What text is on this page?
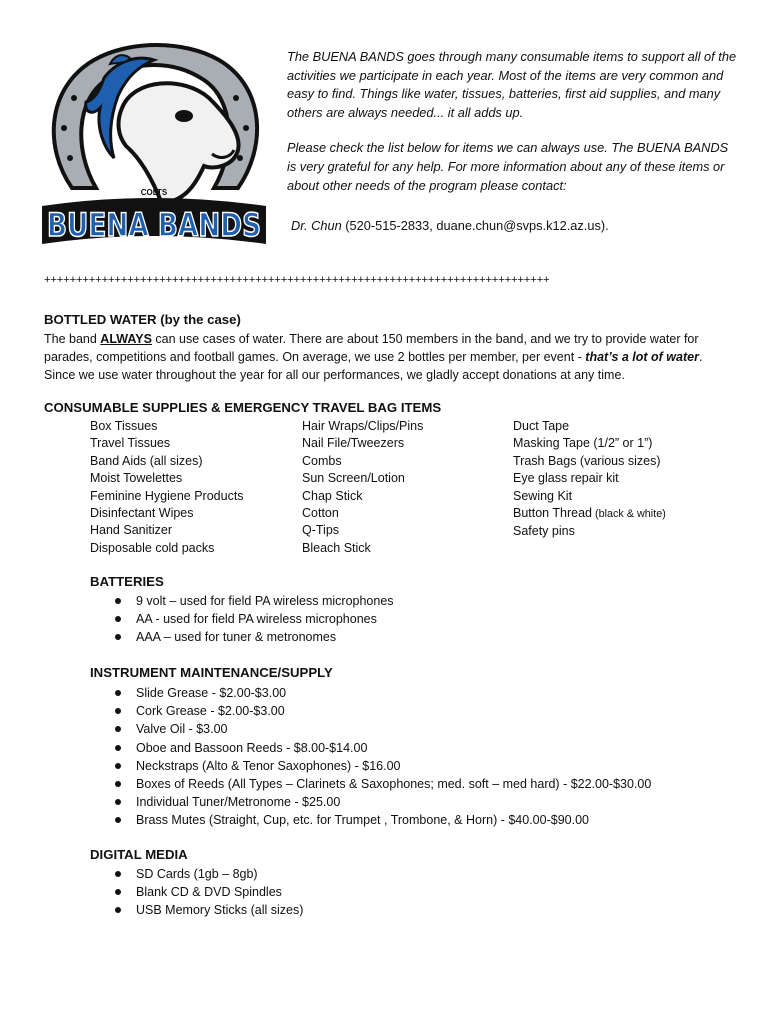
COLTS
BUENA BANDS

The BUENA BANDS goes through many consumable items to support all of the activities we participate in each year. Most of the items are very common and easy to find. Things like water, tissues, batteries, first aid supplies, and many others are always needed... it all adds up.

Please check the list below for items we can always use. The BUENA BANDS is very grateful for any help. For more information about any of these items or about other needs of the program please contact:

Dr. Chun (520-515-2833, duane.chun@svps.k12.az.us).
+++++++++++++++++++++++++++++++++++++++++++++++++++++++++++++++++++++++++++++++
BOTTLED WATER (by the case)
The band ALWAYS can use cases of water. There are about 150 members in the band, and we try to provide water for parades, competitions and football games. On average, we use 2 bottles per member, per event - that’s a lot of water. Since we use water throughout the year for all our performances, we gladly accept donations at any time.
CONSUMABLE SUPPLIES & EMERGENCY TRAVEL BAG ITEMS
Box Tissues
Travel Tissues
Band Aids (all sizes)
Moist Towelettes
Feminine Hygiene Products
Disinfectant Wipes
Hand Sanitizer
Disposable cold packs
Hair Wraps/Clips/Pins
Nail File/Tweezers
Combs
Sun Screen/Lotion
Chap Stick
Cotton
Q-Tips
Bleach Stick
Duct Tape
Masking Tape (1/2” or 1”)
Trash Bags (various sizes)
Eye glass repair kit
Sewing Kit
Button Thread (black & white)
Safety pins
BATTERIES
9 volt – used for field PA wireless microphones
AA - used for field PA wireless microphones
AAA – used for tuner & metronomes
INSTRUMENT MAINTENANCE/SUPPLY
Slide Grease - $2.00-$3.00
Cork Grease - $2.00-$3.00
Valve Oil - $3.00
Oboe and Bassoon Reeds - $8.00-$14.00
Neckstraps (Alto & Tenor Saxophones) - $16.00
Boxes of Reeds (All Types – Clarinets & Saxophones; med. soft – med hard) - $22.00-$30.00
Individual Tuner/Metronome - $25.00
Brass Mutes (Straight, Cup, etc. for Trumpet , Trombone, & Horn) - $40.00-$90.00
DIGITAL MEDIA
SD Cards (1gb – 8gb)
Blank CD & DVD Spindles
USB Memory Sticks (all sizes)
